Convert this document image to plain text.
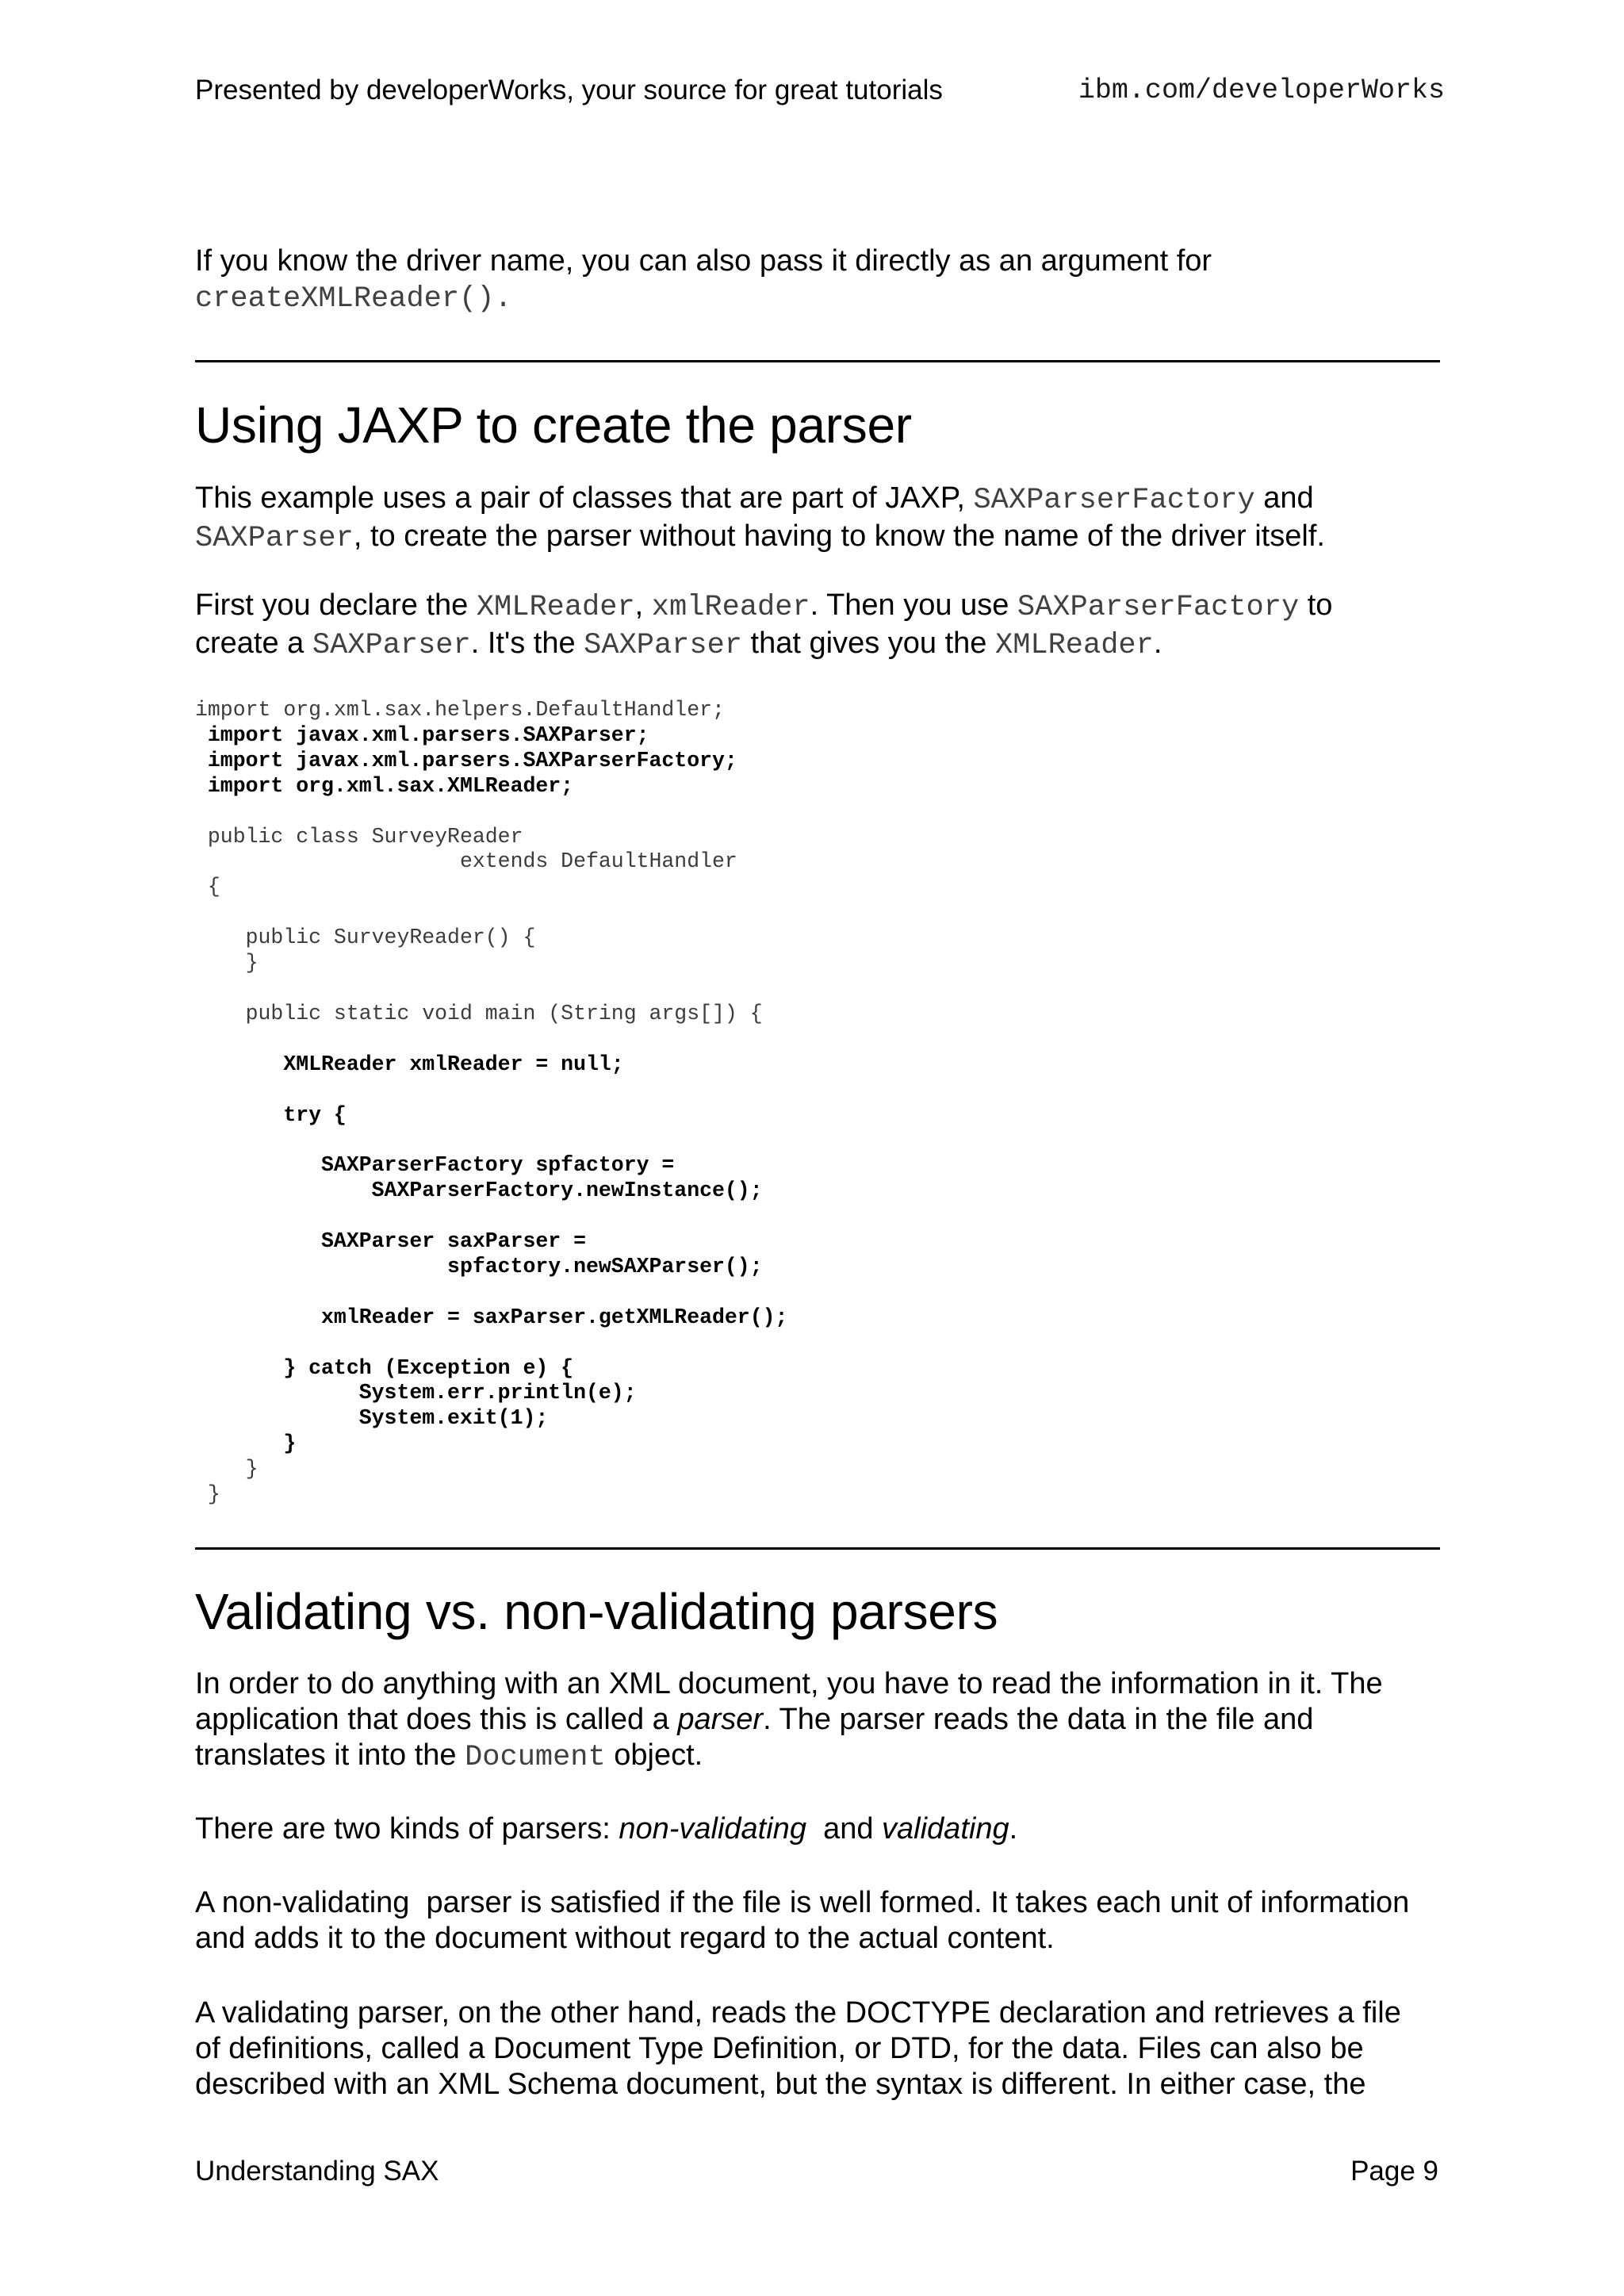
Presented by developerWorks, your source for great tutorials	ibm.com/developerWorks

If you know the driver name, you can also pass it directly as an argument for
createXMLReader().

Using JAXP to create the parser

This example uses a pair of classes that are part of JAXP, SAXParserFactory and
SAXParser, to create the parser without having to know the name of the driver itself.

First you declare the XMLReader, xmlReader. Then you use SAXParserFactory to
create a SAXParser. It's the SAXParser that gives you the XMLReader.

import org.xml.sax.helpers.DefaultHandler;
import javax.xml.parsers.SAXParser;
import javax.xml.parsers.SAXParserFactory;
import org.xml.sax.XMLReader;

public class SurveyReader
extends DefaultHandler
{

public SurveyReader() {
}

public static void main (String args[]) {

XMLReader xmlReader = null;

try {

SAXParserFactory spfactory =
SAXParserFactory.newInstance();

SAXParser saxParser =
spfactory.newSAXParser();

xmlReader = saxParser.getXMLReader();

} catch (Exception e) {
System.err.println(e);
System.exit(1);
}
}
}

Validating vs. non-validating parsers

In order to do anything with an XML document, you have to read the information in it. The
application that does this is called a parser. The parser reads the data in the file and
translates it into the Document object.

There are two kinds of parsers: non-validating  and validating.

A non-validating  parser is satisfied if the file is well formed. It takes each unit of information
and adds it to the document without regard to the actual content.

A validating parser, on the other hand, reads the DOCTYPE declaration and retrieves a file
of definitions, called a Document Type Definition, or DTD, for the data. Files can also be
described with an XML Schema document, but the syntax is different. In either case, the

Understanding SAX	Page 9
